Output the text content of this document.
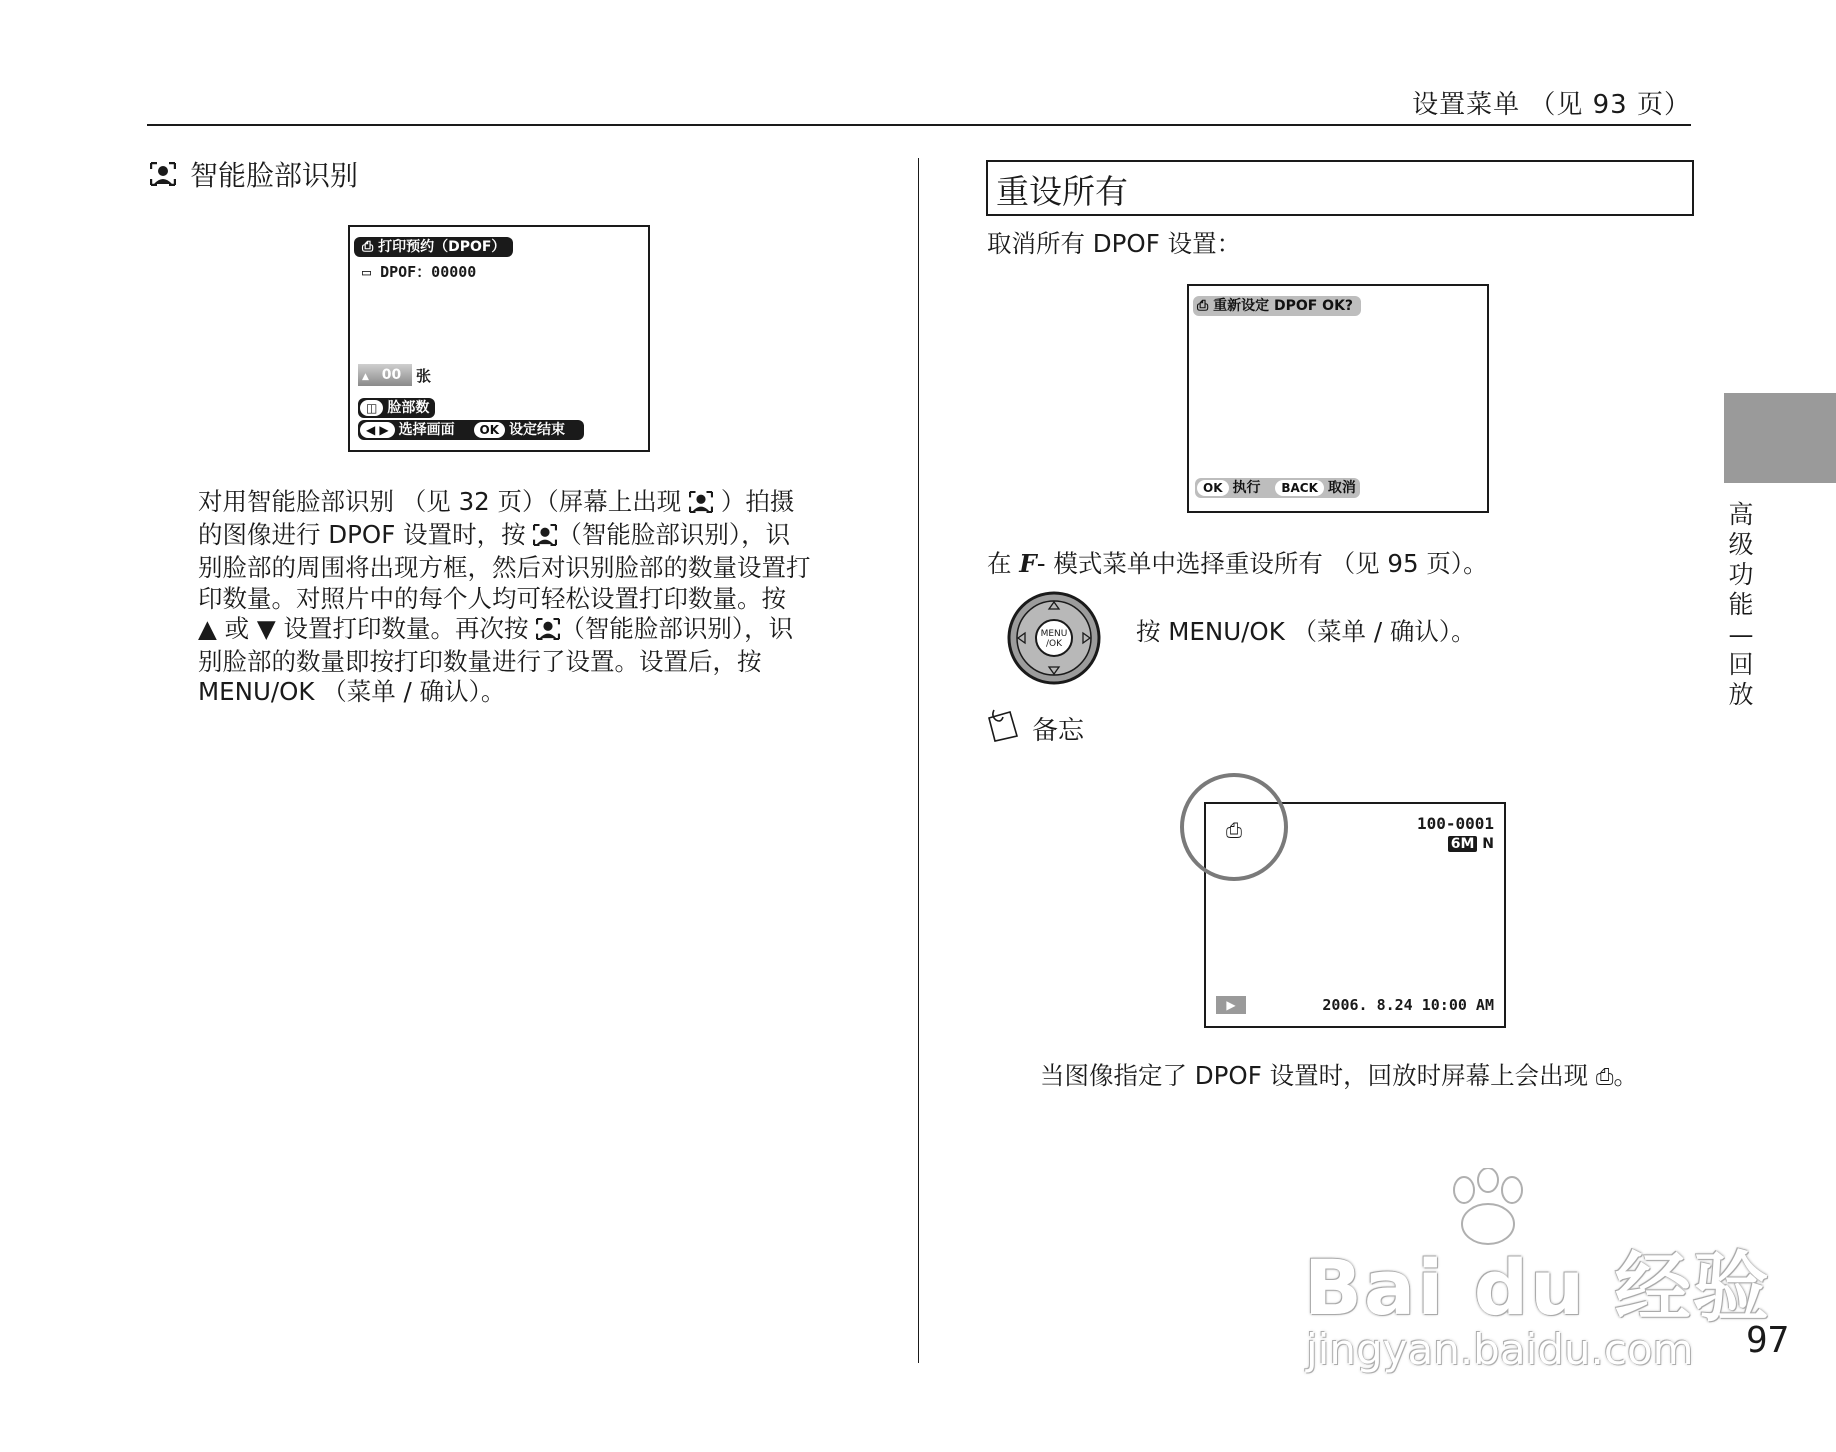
设置菜单 （见 93 页）
智能脸部识别
⎙ 打印预约（DPOF）
▭ DPOF：00000
▲ 00 张
◫ 脸部数
◀ ▶ 选择画面 OK 设定结束
对用智能脸部识别 （见 32 页）（屏幕上出现  ）拍摄
的图像进行 DPOF 设置时，按 （智能脸部识别），识
别脸部的周围将出现方框，然后对识别脸部的数量设置打
印数量。对照片中的每个人均可轻松设置打印数量。按
▲ 或 ▼ 设置打印数量。再次按 （智能脸部识别），识
别脸部的数量即按打印数量进行了设置。设置后，按
MENU/OK （菜单 / 确认）。
重设所有
取消所有 DPOF 设置：
⎙ 重新设定 DPOF OK?
OK 执行 BACK 取消
在 F- 模式菜单中选择重设所有 （见 95 页）。
MENU
/OK	按 MENU/OK （菜单 / 确认）。
备忘
⎙	100-0001
6M N
▶	2006. 8.24 10:00 AM
当图像指定了 DPOF 设置时，回放时屏幕上会出现 ⎙。
高级功能—回放
Bai du 经验
jingyan.baidu.com 97
